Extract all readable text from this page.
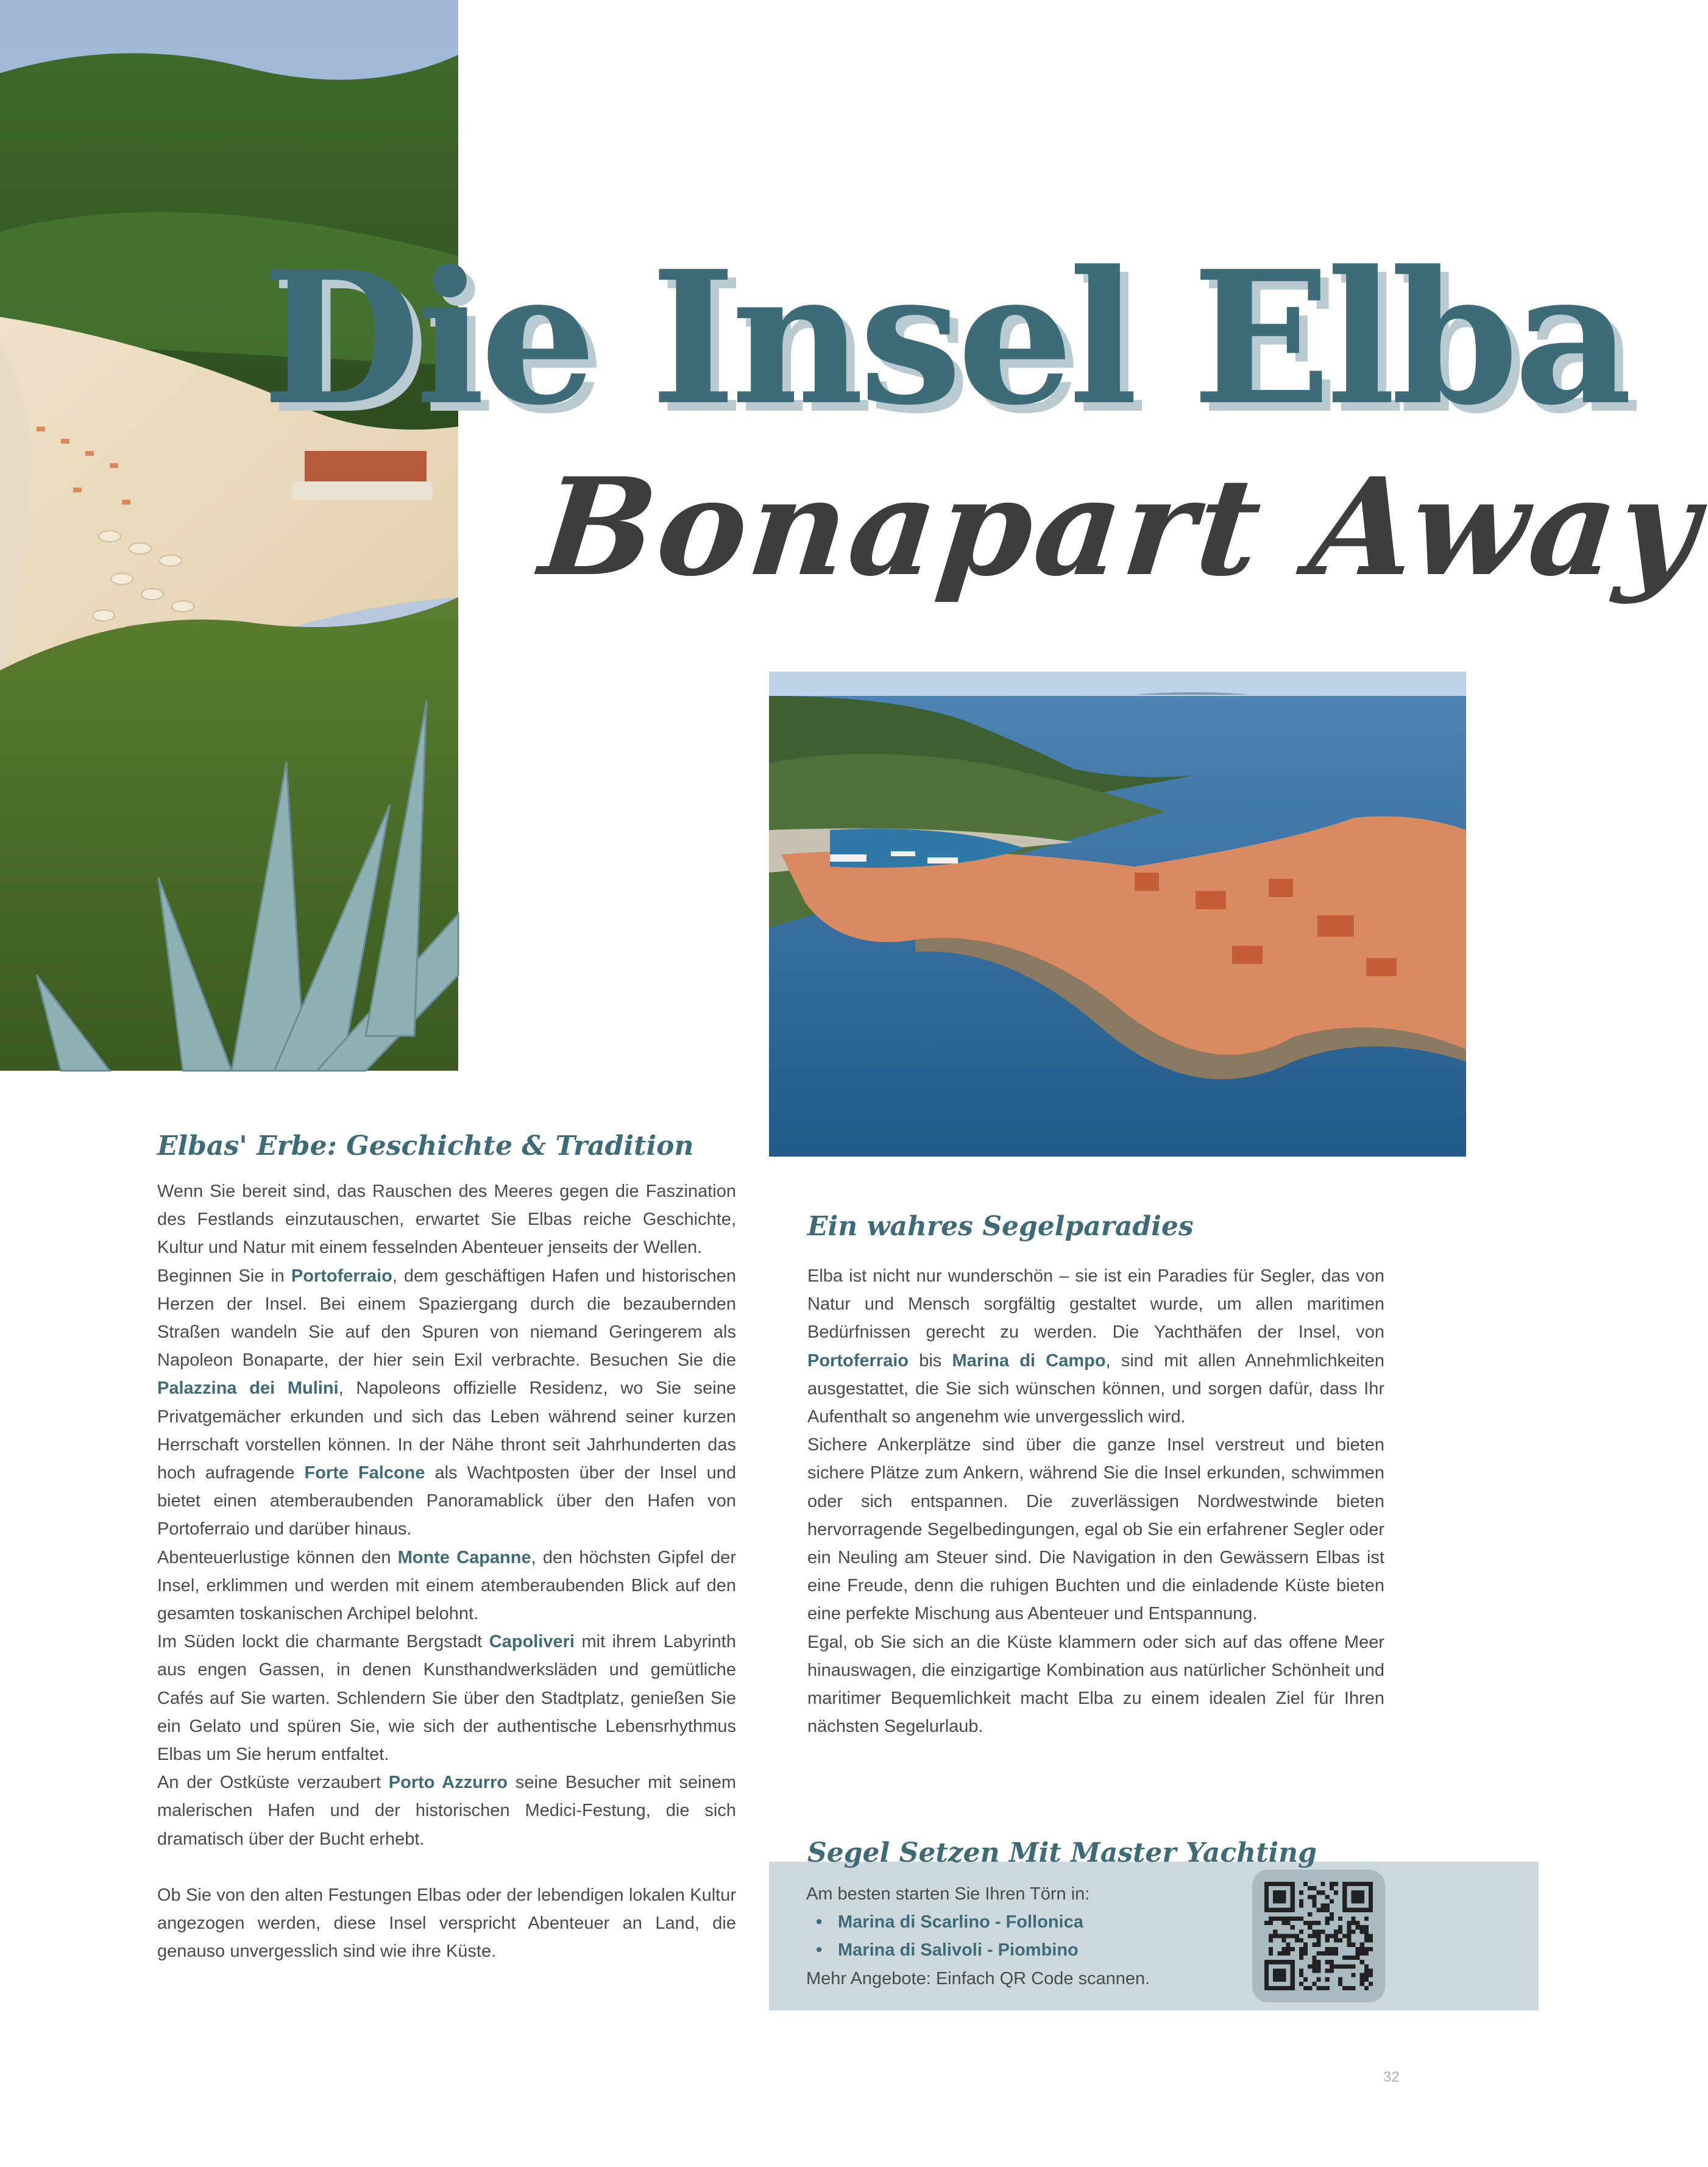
Die Insel Elba
Bonapart Away
Elbas' Erbe: Geschichte & Tradition

Wenn Sie bereit sind, das Rauschen des Meeres gegen die Faszination des Festlands einzutauschen, erwartet Sie Elbas reiche Geschichte, Kultur und Natur mit einem fesselnden Abenteuer jenseits der Wellen.

Beginnen Sie in Portoferraio, dem geschäftigen Hafen und historischen Herzen der Insel. Bei einem Spaziergang durch die bezaubernden Straßen wandeln Sie auf den Spuren von niemand Geringerem als Napoleon Bonaparte, der hier sein Exil verbrachte. Besuchen Sie die Palazzina dei Mulini, Napoleons offizielle Residenz, wo Sie seine Privatgemächer erkunden und sich das Leben während seiner kurzen Herrschaft vorstellen können. In der Nähe thront seit Jahrhunderten das hoch aufragende Forte Falcone als Wachtposten über der Insel und bietet einen atemberaubenden Panoramablick über den Hafen von Portoferraio und darüber hinaus.

Abenteuerlustige können den Monte Capanne, den höchsten Gipfel der Insel, erklimmen und werden mit einem atemberaubenden Blick auf den gesamten toskanischen Archipel belohnt.

Im Süden lockt die charmante Bergstadt Capoliveri mit ihrem Labyrinth aus engen Gassen, in denen Kunsthandwerksläden und gemütliche Cafés auf Sie warten. Schlendern Sie über den Stadtplatz, genießen Sie ein Gelato und spüren Sie, wie sich der authentische Lebensrhythmus Elbas um Sie herum entfaltet.

An der Ostküste verzaubert Porto Azzurro seine Besucher mit seinem malerischen Hafen und der historischen Medici-Festung, die sich dramatisch über der Bucht erhebt.

Ob Sie von den alten Festungen Elbas oder der lebendigen lokalen Kultur angezogen werden, diese Insel verspricht Abenteuer an Land, die genauso unvergesslich sind wie ihre Küste.

Ein wahres Segelparadies

Elba ist nicht nur wunderschön – sie ist ein Paradies für Segler, das von Natur und Mensch sorgfältig gestaltet wurde, um allen maritimen Bedürfnissen gerecht zu werden. Die Yachthäfen der Insel, von Portoferraio bis Marina di Campo, sind mit allen Annehmlichkeiten ausgestattet, die Sie sich wünschen können, und sorgen dafür, dass Ihr Aufenthalt so angenehm wie unvergesslich wird.

Sichere Ankerplätze sind über die ganze Insel verstreut und bieten sichere Plätze zum Ankern, während Sie die Insel erkunden, schwimmen oder sich entspannen. Die zuverlässigen Nordwestwinde bieten hervorragende Segelbedingungen, egal ob Sie ein erfahrener Segler oder ein Neuling am Steuer sind. Die Navigation in den Gewässern Elbas ist eine Freude, denn die ruhigen Buchten und die einladende Küste bieten eine perfekte Mischung aus Abenteuer und Entspannung.

Egal, ob Sie sich an die Küste klammern oder sich auf das offene Meer hinauswagen, die einzigartige Kombination aus natürlicher Schönheit und maritimer Bequemlichkeit macht Elba zu einem idealen Ziel für Ihren nächsten Segelurlaub.

Segel Setzen Mit Master Yachting
Am besten starten Sie Ihren Törn in:
• Marina di Scarlino - Follonica
• Marina di Salivoli - Piombino
Mehr Angebote: Einfach QR Code scannen.
32
